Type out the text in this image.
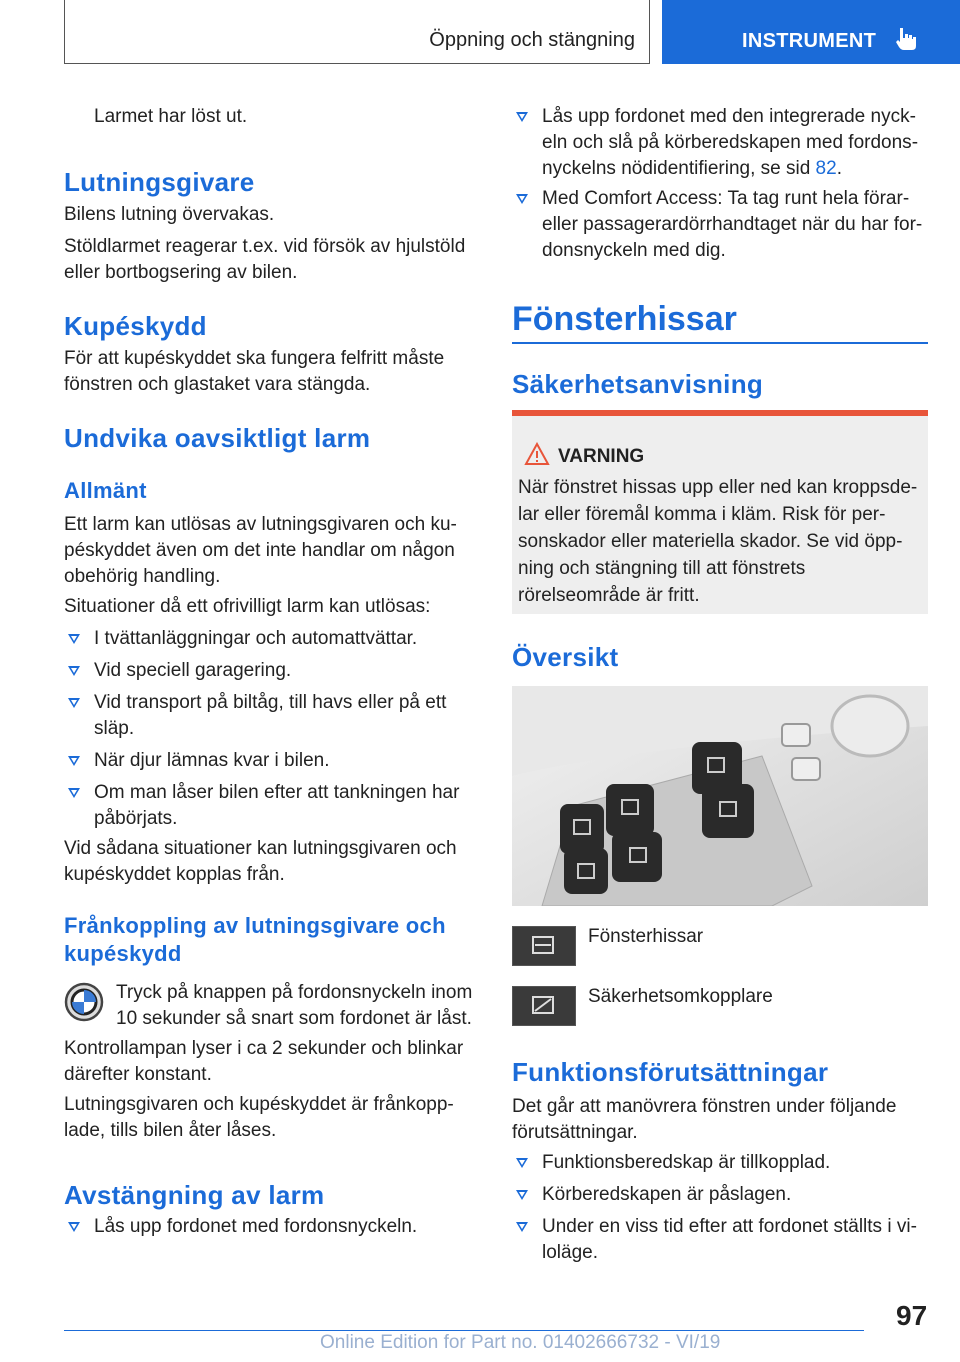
Öppning och stängning	INSTRUMENT
Larmet har löst ut.
Lutningsgivare
Bilens lutning övervakas.
Stöldlarmet reagerar t.ex. vid försök av hjulstöld eller bortbogsering av bilen.
Kupéskydd
För att kupéskyddet ska fungera felfritt måste fönstren och glastaket vara stängda.
Undvika oavsiktligt larm
Allmänt
Ett larm kan utlösas av lutningsgivaren och kupéskyddet även om det inte handlar om någon obehörig handling.
Situationer då ett ofrivilligt larm kan utlösas:
I tvättanläggningar och automattvättar.
Vid speciell garagering.
Vid transport på biltåg, till havs eller på ett släp.
När djur lämnas kvar i bilen.
Om man låser bilen efter att tankningen har påbörjats.
Vid sådana situationer kan lutningsgivaren och kupéskyddet kopplas från.
Frånkoppling av lutningsgivare och kupéskydd
Tryck på knappen på fordonsnyckeln inom 10 sekunder så snart som fordonet är låst.
Kontrollampan lyser i ca 2 sekunder och blinkar därefter konstant.
Lutningsgivaren och kupéskyddet är frånkopplade, tills bilen åter låses.
Avstängning av larm
Lås upp fordonet med fordonsnyckeln.
Lås upp fordonet med den integrerade nyckeln och slå på körberedskapen med fordonsnyckelns nödidentifiering, se sid 82.
Med Comfort Access: Ta tag runt hela förar- eller passagerardörrhandtaget när du har fordonsnyckeln med dig.
Fönsterhissar
Säkerhetsanvisning
VARNING
När fönstret hissas upp eller ned kan kroppsdelar eller föremål komma i kläm. Risk för personskador eller materiella skador. Se vid öppning och stängning till att fönstrets rörelseområde är fritt.
Översikt
Fönsterhissar
Säkerhetsomkopplare
Funktionsförutsättningar
Det går att manövrera fönstren under följande förutsättningar.
Funktionsberedskap är tillkopplad.
Körberedskapen är påslagen.
Under en viss tid efter att fordonet ställts i viloläge.
97
Online Edition for Part no. 01402666732 - VI/19
